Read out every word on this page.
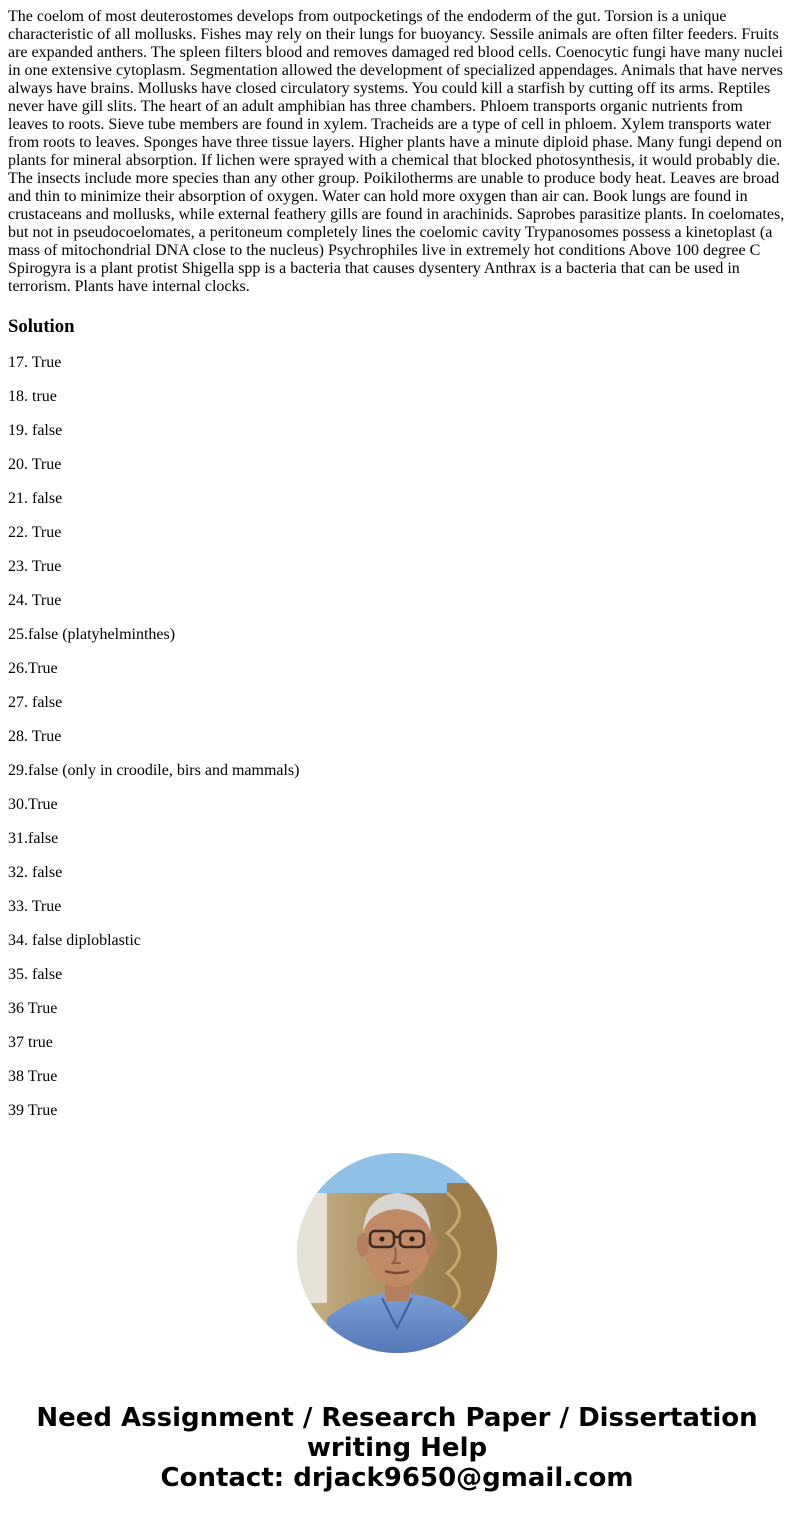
The coelom of most deuterostomes develops from outpocketings of the endoderm of the gut. Torsion is a unique characteristic of all mollusks. Fishes may rely on their lungs for buoyancy. Sessile animals are often filter feeders. Fruits are expanded anthers. The spleen filters blood and removes damaged red blood cells. Coenocytic fungi have many nuclei in one extensive cytoplasm. Segmentation allowed the development of specialized appendages. Animals that have nerves always have brains. Mollusks have closed circulatory systems. You could kill a starfish by cutting off its arms. Reptiles never have gill slits. The heart of an adult amphibian has three chambers. Phloem transports organic nutrients from leaves to roots. Sieve tube members are found in xylem. Tracheids are a type of cell in phloem. Xylem transports water from roots to leaves. Sponges have three tissue layers. Higher plants have a minute diploid phase. Many fungi depend on plants for mineral absorption. If lichen were sprayed with a chemical that blocked photosynthesis, it would probably die. The insects include more species than any other group. Poikilotherms are unable to produce body heat. Leaves are broad and thin to minimize their absorption of oxygen. Water can hold more oxygen than air can. Book lungs are found in crustaceans and mollusks, while external feathery gills are found in arachinids. Saprobes parasitize plants. In coelomates, but not in pseudocoelomates, a peritoneum completely lines the coelomic cavity Trypanosomes possess a kinetoplast (a mass of mitochondrial DNA close to the nucleus) Psychrophiles live in extremely hot conditions Above 100 degree C Spirogyra is a plant protist Shigella spp is a bacteria that causes dysentery Anthrax is a bacteria that can be used in terrorism. Plants have internal clocks.

Solution
17. True
18. true
19. false
20. True
21. false
22. True
23. True
24. True
25.false (platyhelminthes)
26.True
27. false
28. True
29.false (only in croodile, birs and mammals)
30.True
31.false
32. false
33. True
34. false diploblastic
35. false
36 True
37 true
38 True
39 True
Need Assignment / Research Paper / Dissertation
writing Help
Contact: drjack9650@gmail.com
